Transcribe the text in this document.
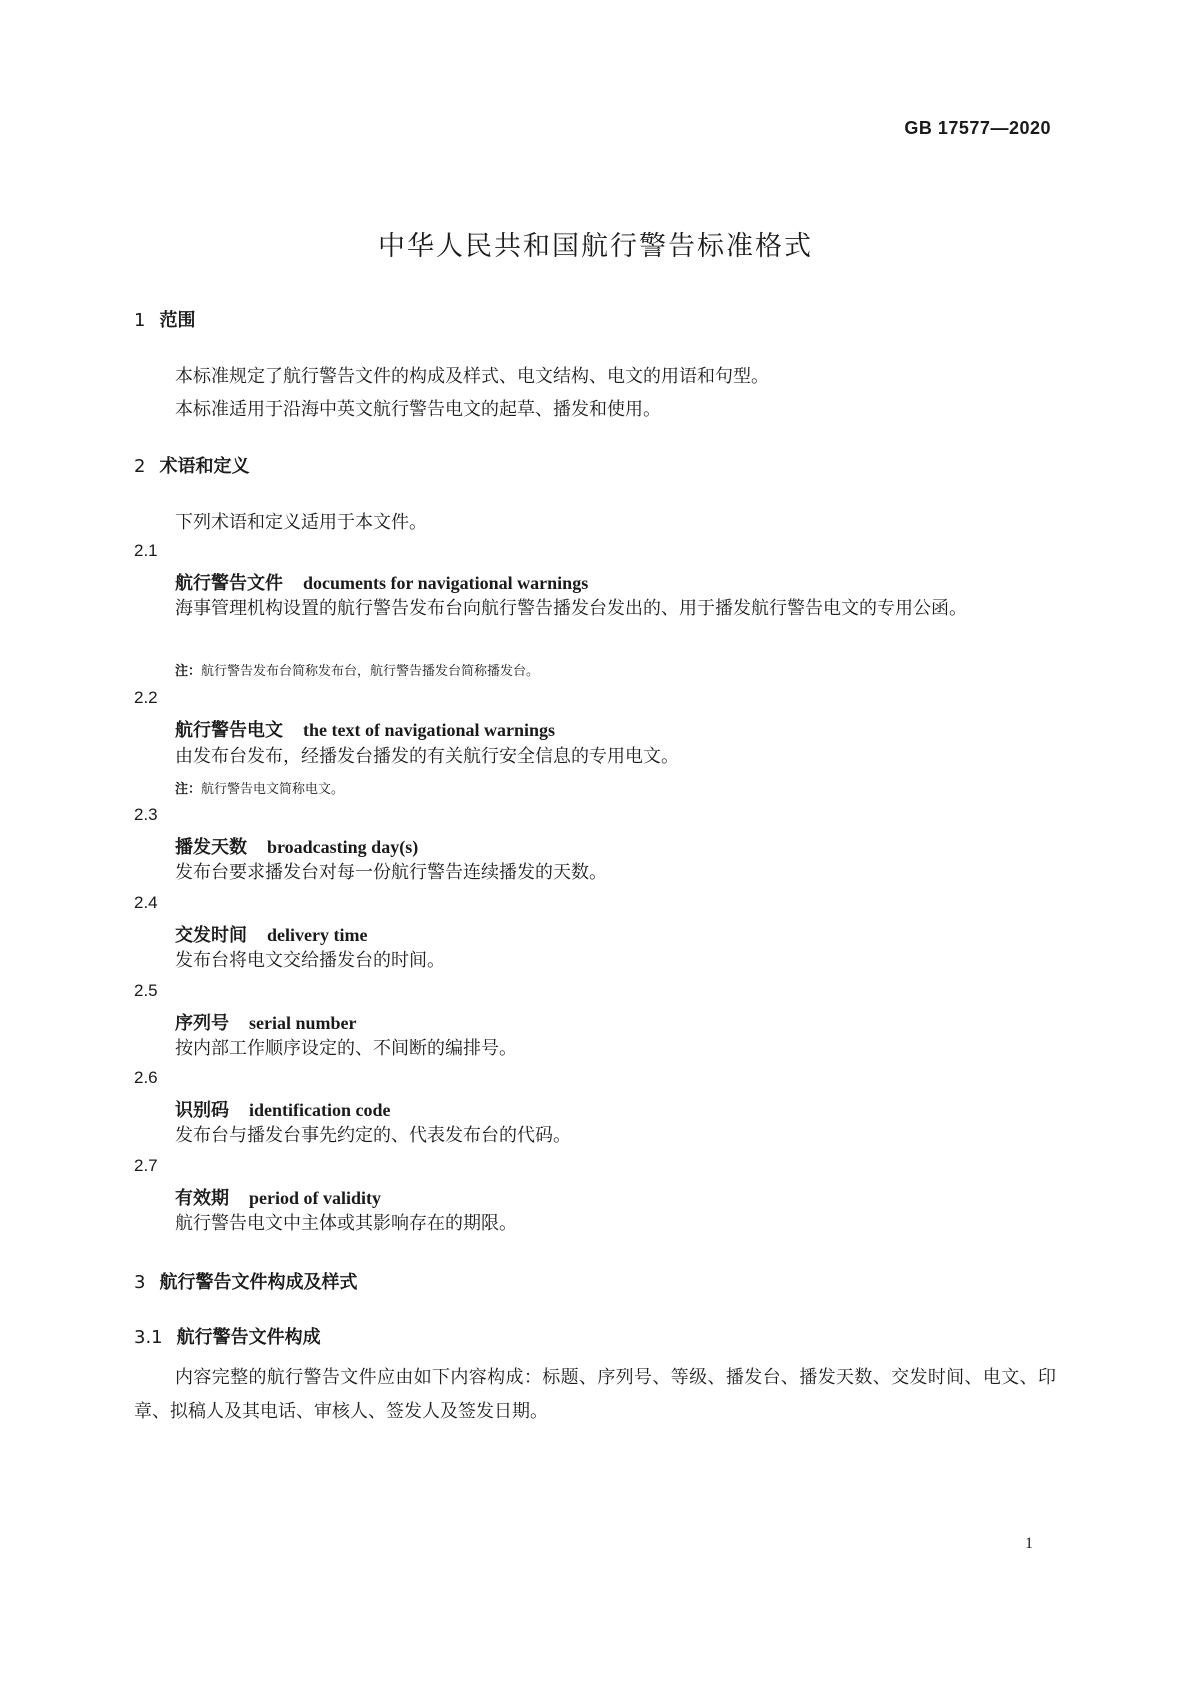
GB 17577—2020
中华人民共和国航行警告标准格式
1 范围
本标准规定了航行警告文件的构成及样式、电文结构、电文的用语和句型。
本标准适用于沿海中英文航行警告电文的起草、播发和使用。
2 术语和定义
下列术语和定义适用于本文件。
2.1
航行警告文件 documents for navigational warnings
海事管理机构设置的航行警告发布台向航行警告播发台发出的、用于播发航行警告电文的专用公函。
注：航行警告发布台简称发布台，航行警告播发台简称播发台。
2.2
航行警告电文 the text of navigational warnings
由发布台发布，经播发台播发的有关航行安全信息的专用电文。
注：航行警告电文简称电文。
2.3
播发天数 broadcasting day(s)
发布台要求播发台对每一份航行警告连续播发的天数。
2.4
交发时间 delivery time
发布台将电文交给播发台的时间。
2.5
序列号 serial number
按内部工作顺序设定的、不间断的编排号。
2.6
识别码 identification code
发布台与播发台事先约定的、代表发布台的代码。
2.7
有效期 period of validity
航行警告电文中主体或其影响存在的期限。
3 航行警告文件构成及样式
3.1 航行警告文件构成
内容完整的航行警告文件应由如下内容构成：标题、序列号、等级、播发台、播发天数、交发时间、电文、印章、拟稿人及其电话、审核人、签发人及签发日期。
1
